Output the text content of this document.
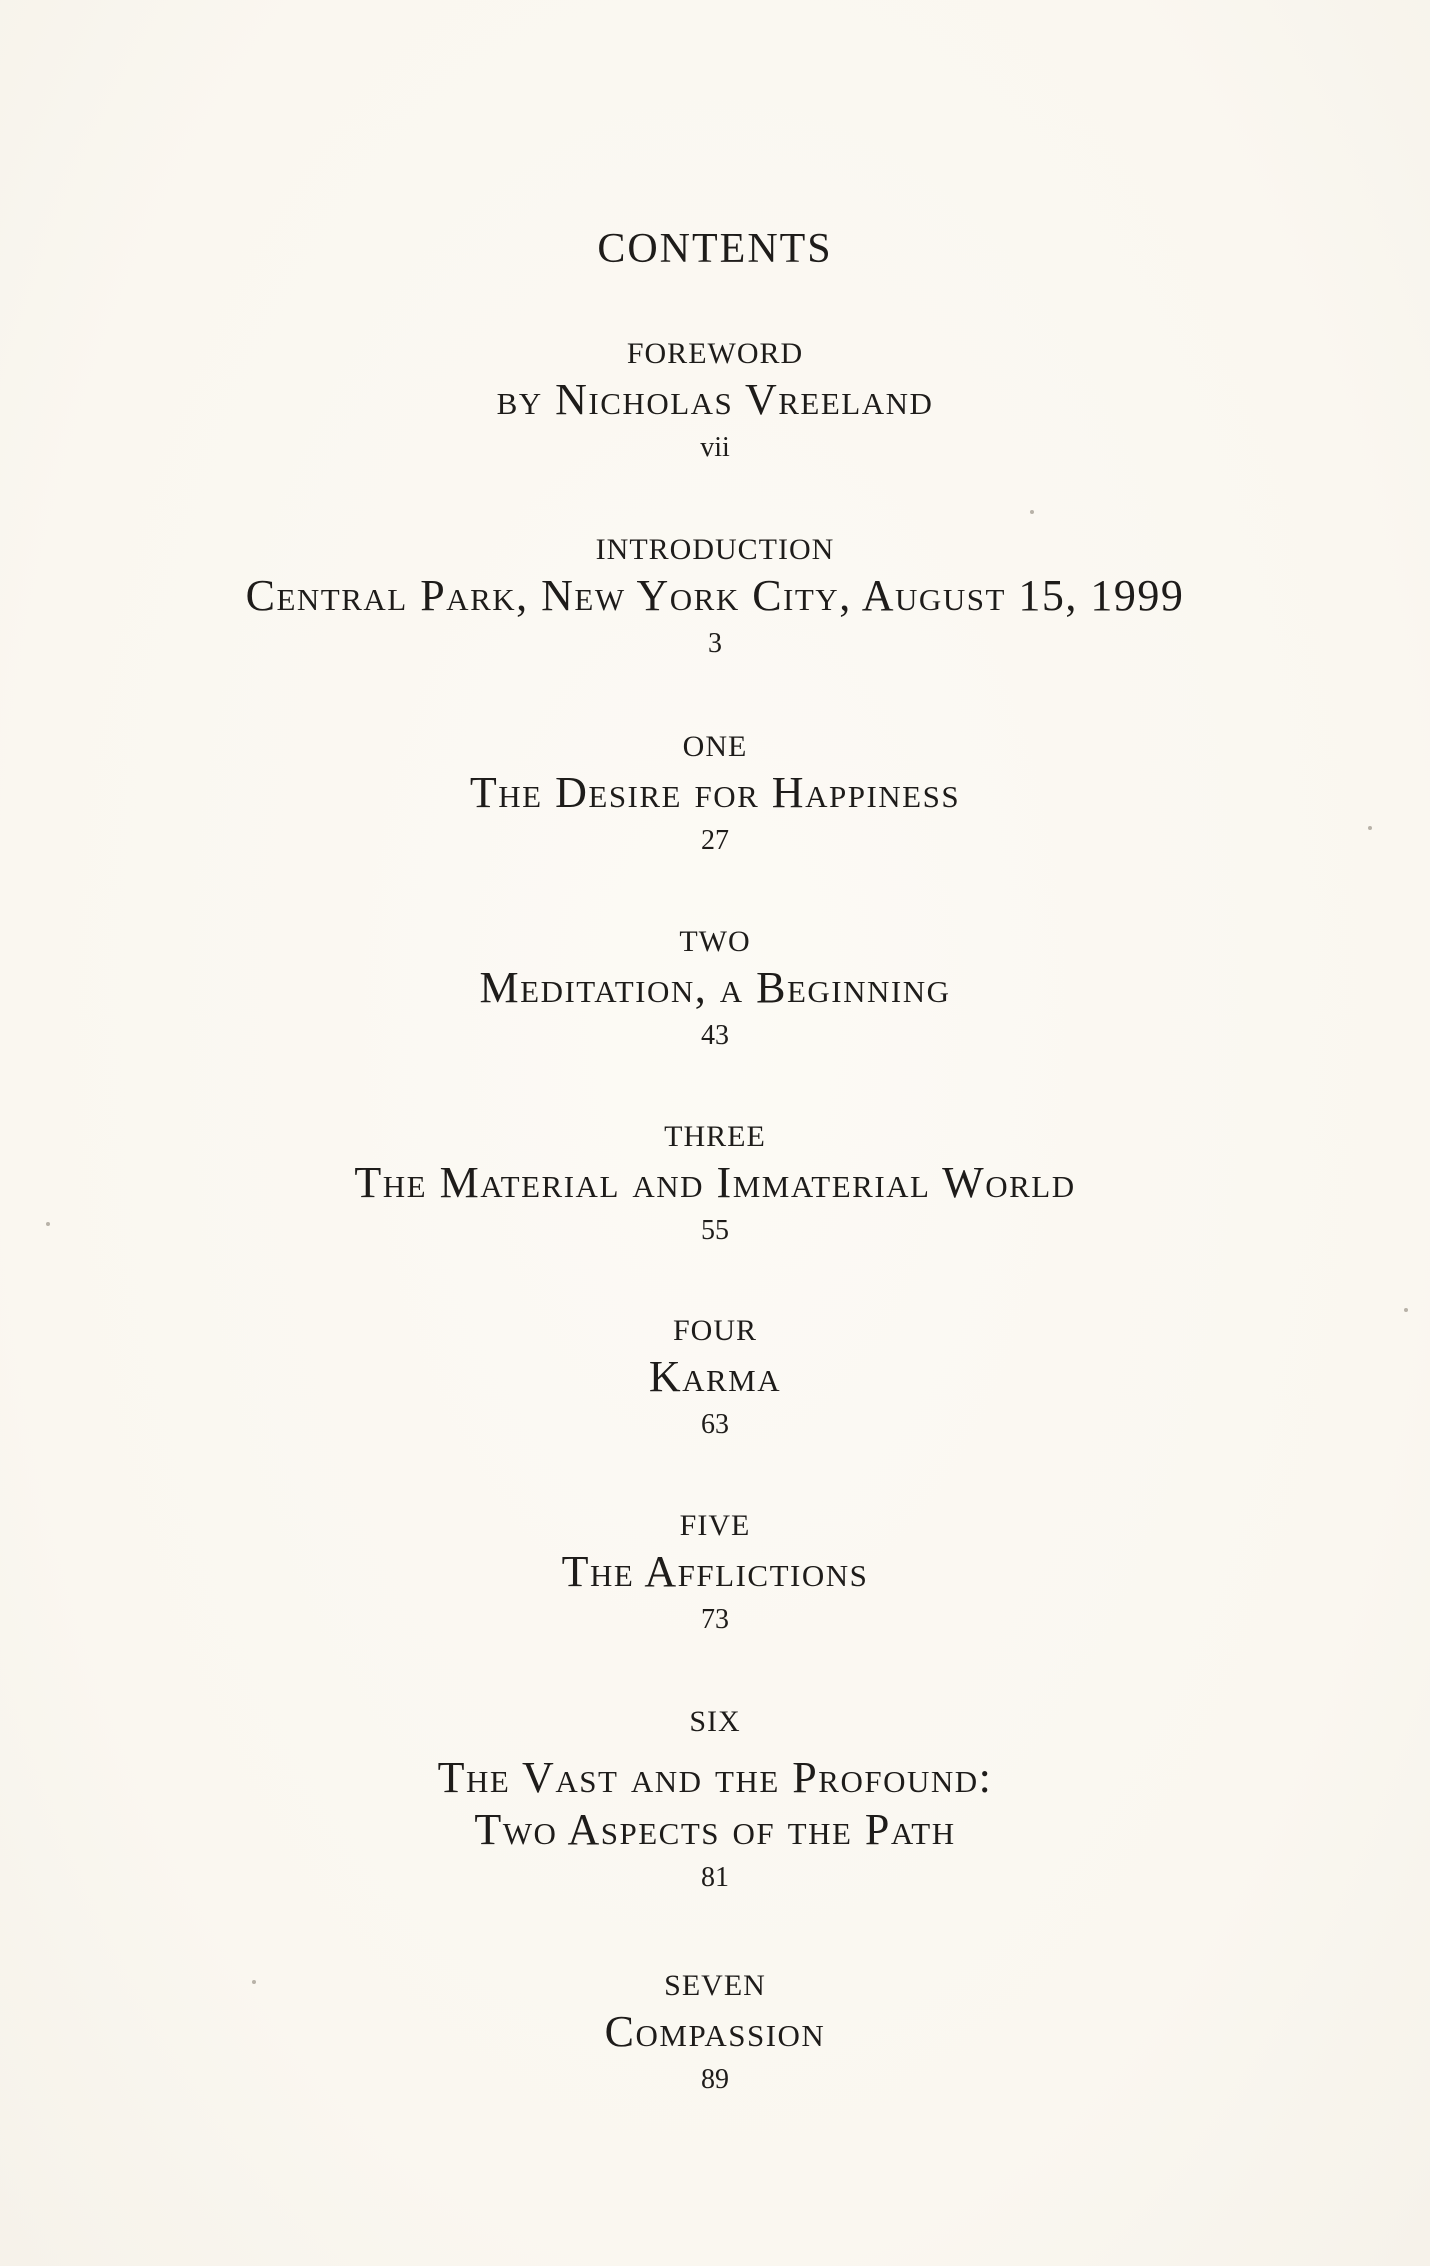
CONTENTS
FOREWORD
by Nicholas Vreeland
vii
INTRODUCTION
Central Park, New York City, August 15, 1999
3
ONE
The Desire for Happiness
27
TWO
Meditation, a Beginning
43
THREE
The Material and Immaterial World
55
FOUR
Karma
63
FIVE
The Afflictions
73
SIX
The Vast and the Profound:
Two Aspects of the Path
81
SEVEN
Compassion
89
